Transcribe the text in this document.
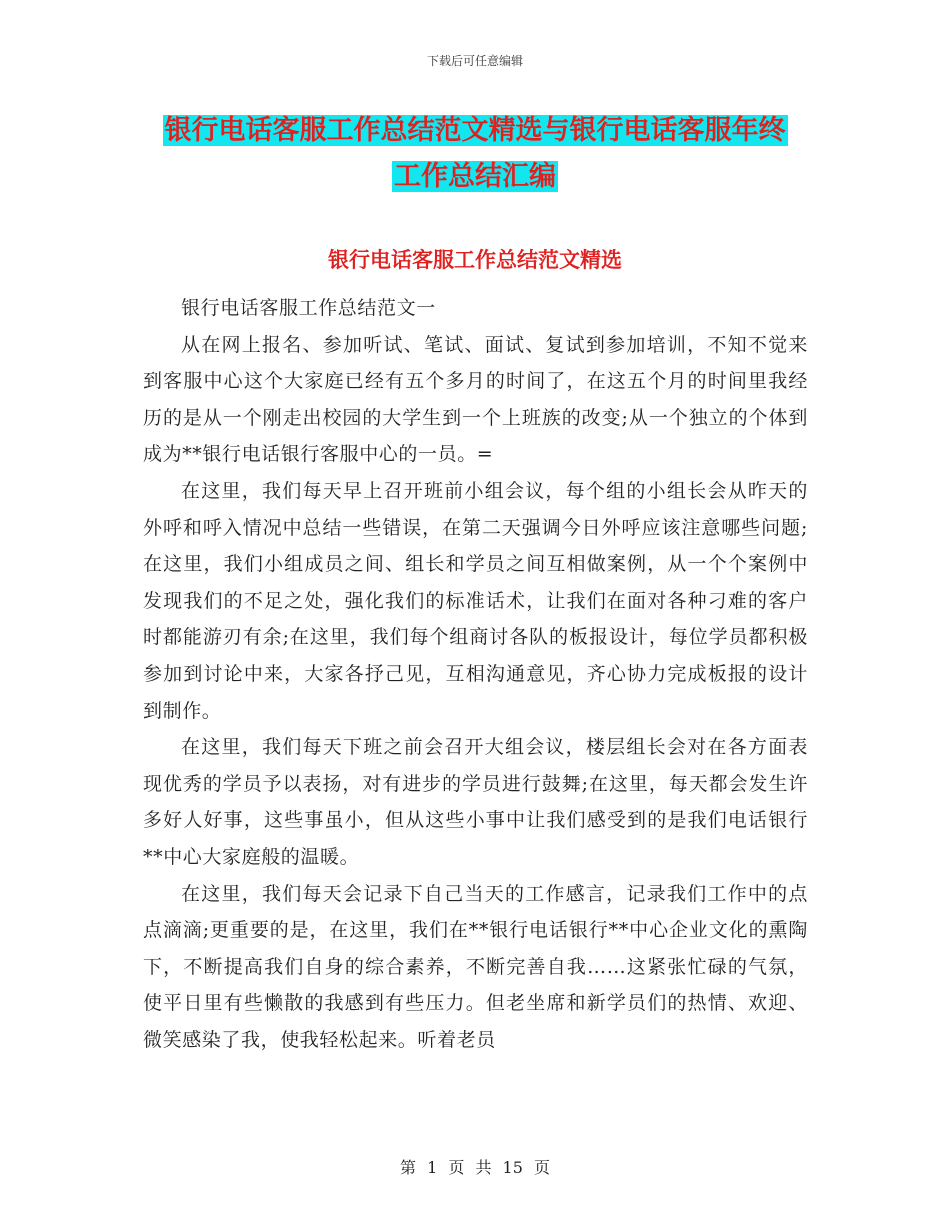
下载后可任意编辑
银行电话客服工作总结范文精选与银行电话客服年终
工作总结汇编
银行电话客服工作总结范文精选

银行电话客服工作总结范文一

从在网上报名、参加听试、笔试、面试、复试到参加培训，不知不觉来到客服中心这个大家庭已经有五个多月的时间了，在这五个月的时间里我经历的是从一个刚走出校园的大学生到一个上班族的改变;从一个独立的个体到成为**银行电话银行客服中心的一员。=

在这里，我们每天早上召开班前小组会议，每个组的小组长会从昨天的外呼和呼入情况中总结一些错误，在第二天强调今日外呼应该注意哪些问题;在这里，我们小组成员之间、组长和学员之间互相做案例，从一个个案例中发现我们的不足之处，强化我们的标准话术，让我们在面对各种刁难的客户时都能游刃有余;在这里，我们每个组商讨各队的板报设计，每位学员都积极参加到讨论中来，大家各抒己见，互相沟通意见，齐心协力完成板报的设计到制作。

在这里，我们每天下班之前会召开大组会议，楼层组长会对在各方面表现优秀的学员予以表扬，对有进步的学员进行鼓舞;在这里，每天都会发生许多好人好事，这些事虽小，但从这些小事中让我们感受到的是我们电话银行**中心大家庭般的温暖。

在这里，我们每天会记录下自己当天的工作感言，记录我们工作中的点点滴滴;更重要的是，在这里，我们在**银行电话银行**中心企业文化的熏陶下，不断提高我们自身的综合素养，不断完善自我……这紧张忙碌的气氛，使平日里有些懒散的我感到有些压力。但老坐席和新学员们的热情、欢迎、微笑感染了我，使我轻松起来。听着老员

第 1 页 共 15 页
